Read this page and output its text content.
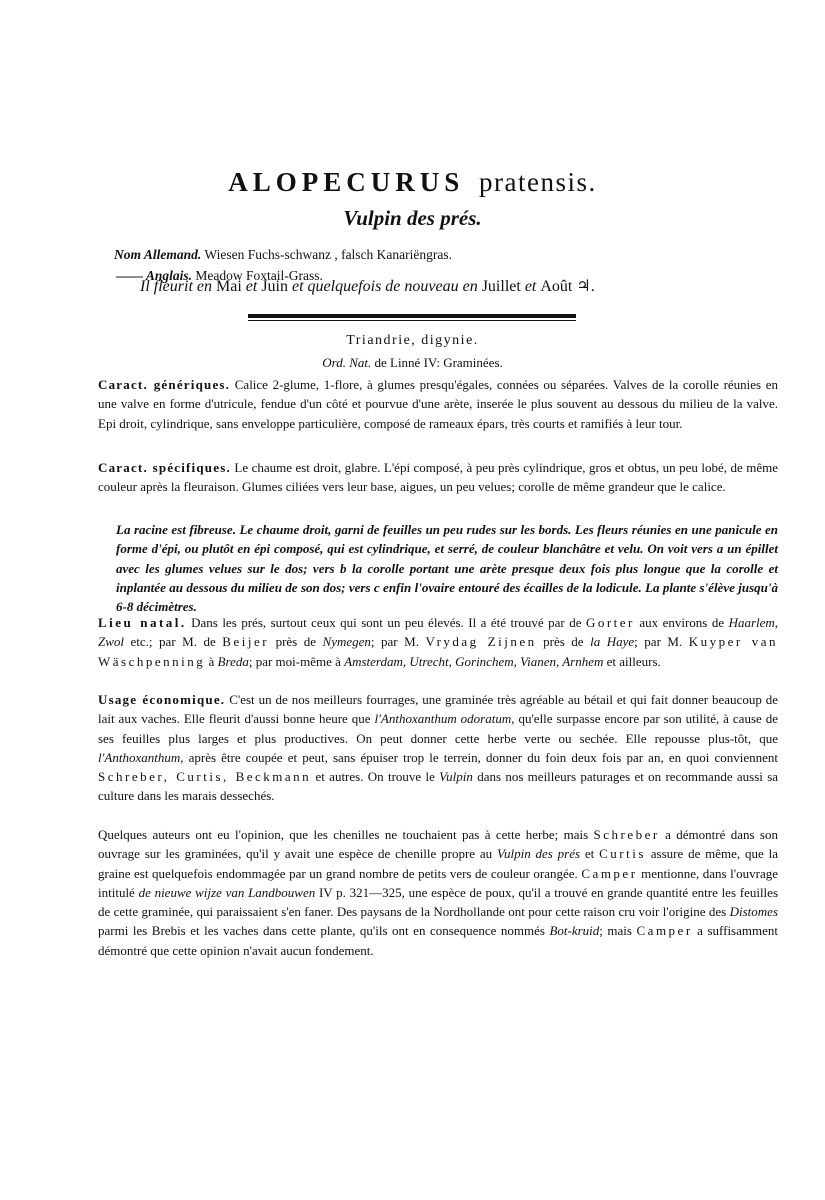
ALOPECURUS pratensis.
Vulpin des prés.
Nom Allemand. Wiesen Fuchs-schwanz , falsch Kanariëngras.
—— Anglais. Meadow Foxtail-Grass.
Il fleurit en Mai et Juin et quelquefois de nouveau en Juillet et Août ♃.
Triandrie, digynie.
Ord. Nat. de Linné IV: Graminées.

Caract. génériques. Calice 2-glume, 1-flore, à glumes presqu'égales, connées ou séparées. Valves de la corolle réunies en une valve en forme d'utricule, fendue d'un côté et pourvue d'une arète, inserée le plus souvent au dessous du milieu de la valve. Epi droit, cylindrique, sans enveloppe particulière, composé de rameaux épars, très courts et ramifiés à leur tour.

Caract. spécifiques. Le chaume est droit, glabre. L'épi composé, à peu près cylindrique, gros et obtus, un peu lobé, de même couleur après la fleuraison. Glumes ciliées vers leur base, aigues, un peu velues; corolle de même grandeur que le calice.

La racine est fibreuse. Le chaume droit, garni de feuilles un peu rudes sur les bords. Les fleurs réunies en une panicule en forme d'épi, ou plutôt en épi composé, qui est cylindrique, et serré, de couleur blanchâtre et velu. On voit vers a un épillet avec les glumes velues sur le dos; vers b la corolle portant une arète presque deux fois plus longue que la corolle et inplantée au dessous du milieu de son dos; vers c enfin l'ovaire entouré des écailles de la lodicule. La plante s'élève jusqu'à 6-8 décimètres.

Lieu natal. Dans les prés, surtout ceux qui sont un peu élevés. Il a été trouvé par de Gorter aux environs de Haarlem, Zwol etc.; par M. de Beijer près de Nymegen; par M. Vrydag Zijnen près de la Haye; par M. Kuyper van Wäschpenning à Breda; par moi-même à Amsterdam, Utrecht, Gorinchem, Vianen, Arnhem et ailleurs.

Usage économique. C'est un de nos meilleurs fourrages, une graminée très agréable au bétail et qui fait donner beaucoup de lait aux vaches. Elle fleurit d'aussi bonne heure que l'Anthoxanthum odoratum, qu'elle surpasse encore par son utilité, à cause de ses feuilles plus larges et plus productives. On peut donner cette herbe verte ou sechée. Elle repousse plus-tôt, que l'Anthoxanthum, après être coupée et peut, sans épuiser trop le terrein, donner du foin deux fois par an, en quoi conviennent Schreber, Curtis, Beckmann et autres. On trouve le Vulpin dans nos meilleurs paturages et on recommande aussi sa culture dans les marais dessechés.

Quelques auteurs ont eu l'opinion, que les chenilles ne touchaient pas à cette herbe; mais Schreber a démontré dans son ouvrage sur les graminées, qu'il y avait une espèce de chenille propre au Vulpin des prés et Curtis assure de même, que la graine est quelquefois endommagée par un grand nombre de petits vers de couleur orangée. Camper mentionne, dans l'ouvrage intitulé de nieuwe wijze van Landbouwen IV p. 321—325, une espèce de poux, qu'il a trouvé en grande quantité entre les feuilles de cette graminée, qui paraissaient s'en faner. Des paysans de la Nordhollande ont pour cette raison cru voir l'origine des Distomes parmi les Brebis et les vaches dans cette plante, qu'ils ont en consequence nommés Bot-kruid; mais Camper a suffisamment démontré que cette opinion n'avait aucun fondement.
